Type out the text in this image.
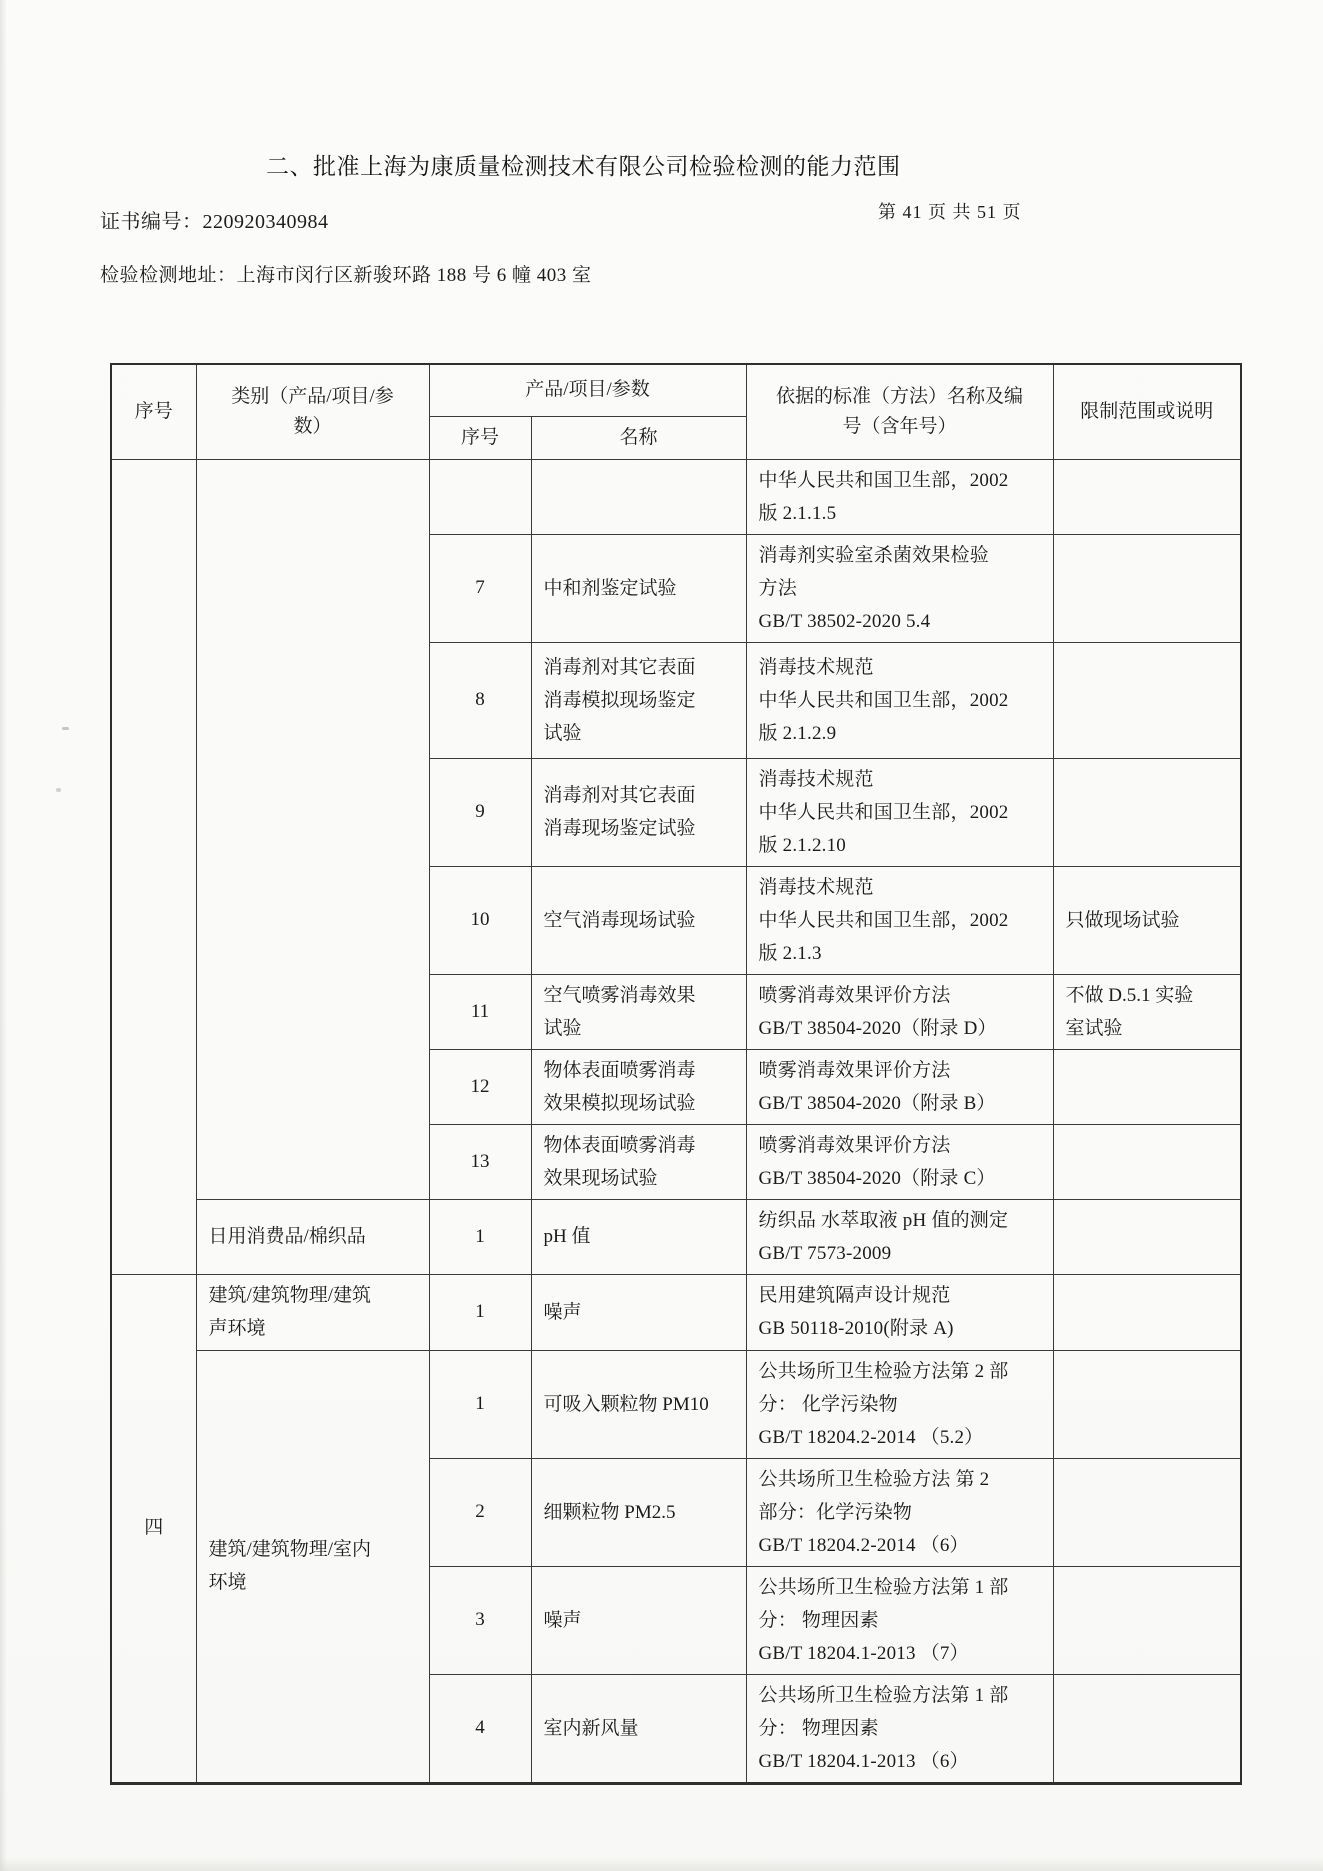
二、批准上海为康质量检测技术有限公司检验检测的能力范围
证书编号：220920340984	第 41 页 共 51 页
检验检测地址：上海市闵行区新骏环路 188 号 6 幢 403 室
序号	类别（产品/项目/参
数）	产品/项目/参数		依据的标准（方法）名称及编
号（含年号）	限制范围或说明
		序号	名称		
				中华人民共和国卫生部，2002
版 2.1.1.5	
		7	中和剂鉴定试验	消毒剂实验室杀菌效果检验
方法
GB/T 38502-2020 5.4	
		8	消毒剂对其它表面
消毒模拟现场鉴定
试验	消毒技术规范
中华人民共和国卫生部，2002
版 2.1.2.9	
		9	消毒剂对其它表面
消毒现场鉴定试验	消毒技术规范
中华人民共和国卫生部，2002
版 2.1.2.10	
		10	空气消毒现场试验	消毒技术规范
中华人民共和国卫生部，2002
版 2.1.3	只做现场试验
		11	空气喷雾消毒效果
试验	喷雾消毒效果评价方法
GB/T 38504-2020（附录 D）	不做 D.5.1 实验
室试验
		12	物体表面喷雾消毒
效果模拟现场试验	喷雾消毒效果评价方法
GB/T 38504-2020（附录 B）	
		13	物体表面喷雾消毒
效果现场试验	喷雾消毒效果评价方法
GB/T 38504-2020（附录 C）	
	日用消费品/棉织品	1	pH 值	纺织品 水萃取液 pH 值的测定
GB/T 7573-2009	
四	建筑/建筑物理/建筑
声环境	1	噪声	民用建筑隔声设计规范
GB 50118-2010(附录 A)	
	建筑/建筑物理/室内
环境	1	可吸入颗粒物 PM10	公共场所卫生检验方法第 2 部
分： 化学污染物
GB/T 18204.2-2014 （5.2）	
		2	细颗粒物 PM2.5	公共场所卫生检验方法 第 2
部分：化学污染物
GB/T 18204.2-2014 （6）	
		3	噪声	公共场所卫生检验方法第 1 部
分： 物理因素
GB/T 18204.1-2013 （7）	
		4	室内新风量	公共场所卫生检验方法第 1 部
分： 物理因素
GB/T 18204.1-2013 （6）	
